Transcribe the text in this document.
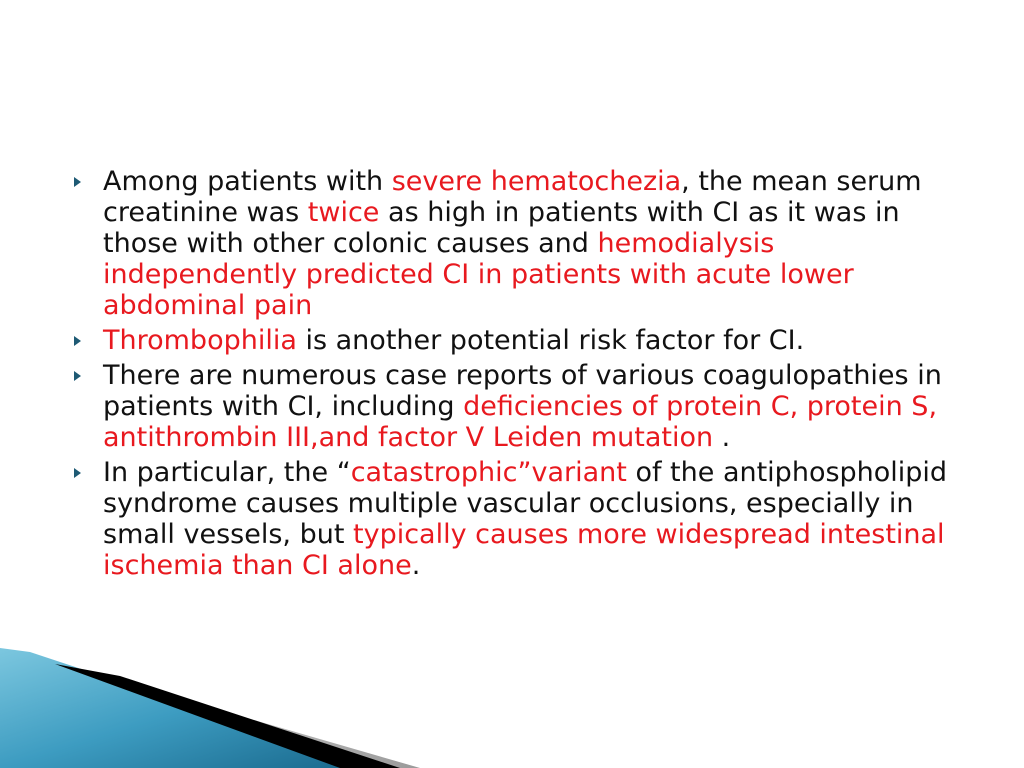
Among patients with severe hematochezia, the mean serum creatinine was twice as high in patients with CI as it was in those with other colonic causes and hemodialysis independently predicted CI in patients with acute lower abdominal pain
Thrombophilia is another potential risk factor for CI.
There are numerous case reports of various coagulopathies in patients with CI, including deficiencies of protein C, protein S, antithrombin III,and factor V Leiden mutation .
In particular, the “catastrophic”variant of the antiphospholipid syndrome causes multiple vascular occlusions, especially in small vessels, but typically causes more widespread intestinal ischemia than CI alone.
